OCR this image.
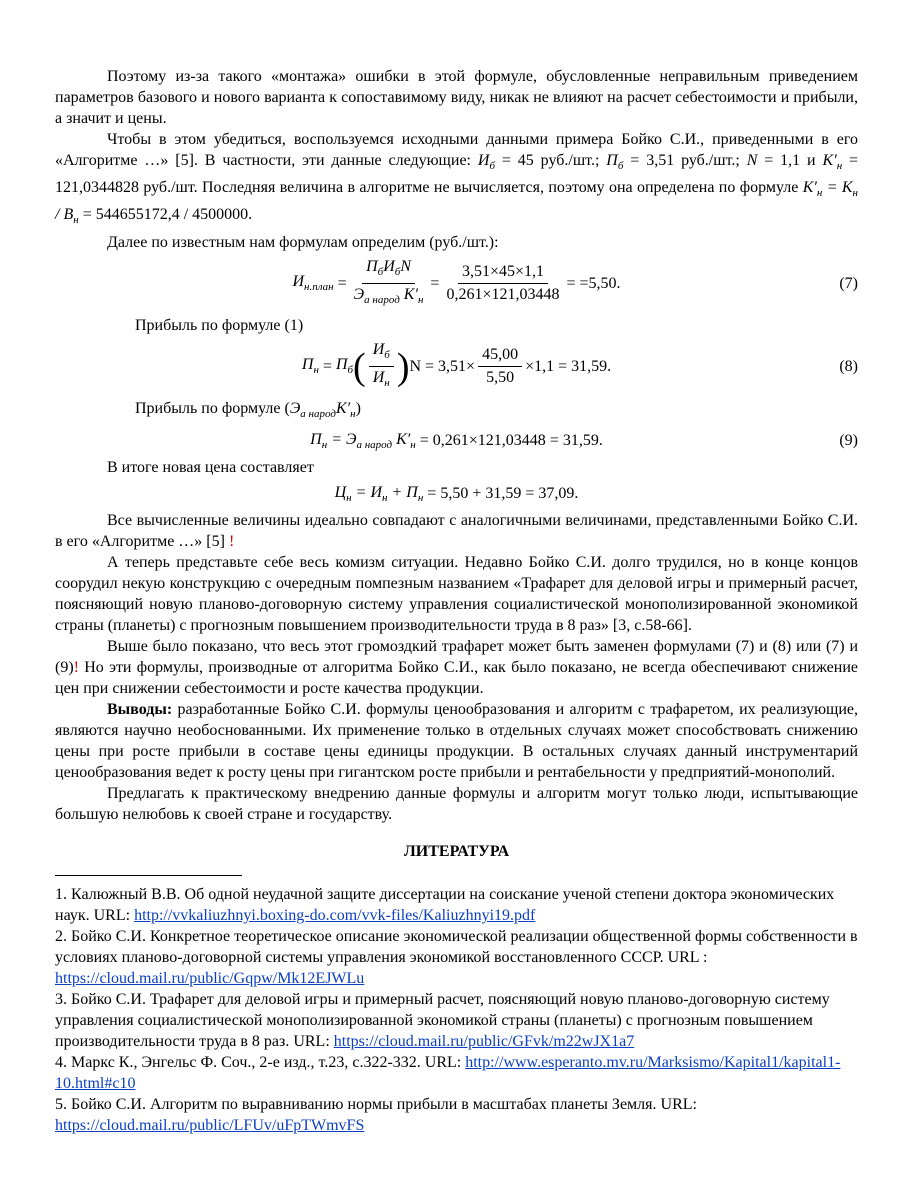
Поэтому из-за такого «монтажа» ошибки в этой формуле, обусловленные неправильным приведением параметров базового и нового варианта к сопоставимому виду, никак не влияют на расчет себестоимости и прибыли, а значит и цены.

Чтобы в этом убедиться, воспользуемся исходными данными примера Бойко С.И., приведенными в его «Алгоритме …» [5]. В частности, эти данные следующие: $И_б = 45$ руб./шт.; $П_б = 3,51$ руб./шт.; N = 1,1 и $K'_н = 121,0344828$ руб./шт. Последняя величина в алгоритме не вычисляется, поэтому она определена по формуле $K'_н = K_н / B_н = 544655172,4 / 4500000$.

Далее по известным нам формулам определим (руб./шт.):

$И_{н.план} = \frac{П_бИ_бN}{Э_{а народ} K'_н} = \frac{3,51\times 45\times 1,1}{0,261\times 121,03448} = =5,50$.	(7)

Прибыль по формуле (1)

$П_н = П_б$ ( $\frac{И_б}{И_н}$ ) $N = 3,51\times \frac{45,00}{5,50} \times 1,1 = 31,59$.	(8)

Прибыль по формуле $(Э_{а народ}K'_н)$

$П_н$
= $Э_{а народ}$ $K'_н$
= 0,261×121,03448 = 31,59.	(9)

В итоге новая цена составляет

$Ц_н = И_н + П_н$
= 5,50 + 31,59 = 37,09.

Все вычисленные величины идеально совпадают с аналогичными величинами, представленными Бойко С.И. в его «Алгоритме …» [5] !

А теперь представьте себе весь комизм ситуации. Недавно Бойко С.И. долго трудился, но в конце концов соорудил некую конструкцию с очередным помпезным названием «Трафарет для деловой игры и примерный расчет, поясняющий новую планово-договорную систему управления социалистической монополизированной экономикой страны (планеты) с прогнозным повышением производительности труда в 8 раз» [3, с.58-66].

Выше было показано, что весь этот громоздкий трафарет может быть заменен формулами (7) и (8) или (7) и (9)! Но эти формулы, производные от алгоритма Бойко С.И., как было показано, не всегда обеспечивают снижение цен при снижении себестоимости и росте качества продукции.

Выводы: разработанные Бойко С.И. формулы ценообразования и алгоритм с трафаретом, их реализующие, являются научно необоснованными. Их применение только в отдельных случаях может способствовать снижению цены при росте прибыли в составе цены единицы продукции. В остальных случаях данный инструментарий ценообразования ведет к росту цены при гигантском росте прибыли и рентабельности у предприятий-монополий.

Предлагать к практическому внедрению данные формулы и алгоритм могут только люди, испытывающие большую нелюбовь к своей стране и государству.

ЛИТЕРАТУРА

1. Калюжный В.В. Об одной неудачной защите диссертации на соискание ученой степени доктора экономических наук. URL: http://vvkaliuzhnyi.boxing-do.com/vvk-files/Kaliuzhnyi19.pdf

2. Бойко С.И. Конкретное теоретическое описание экономической реализации общественной формы собственности в условиях планово-договорной системы управления экономикой восстановленного СССР. URL : https://cloud.mail.ru/public/Gqpw/Mk12EJWLu

3. Бойко С.И. Трафарет для деловой игры и примерный расчет, поясняющий новую планово-договорную систему управления социалистической монополизированной экономикой страны (планеты) с прогнозным повышением производительности труда в 8 раз. URL: https://cloud.mail.ru/public/GFvk/m22wJX1a7

4. Маркс К., Энгельс Ф. Соч., 2-е изд., т.23, с.322-332. URL: http://www.esperanto.mv.ru/Marksismo/Kapital1/kapital1-10.html#c10

5. Бойко С.И. Алгоритм по выравниванию нормы прибыли в масштабах планеты Земля. URL: https://cloud.mail.ru/public/LFUv/uFpTWmvFS
